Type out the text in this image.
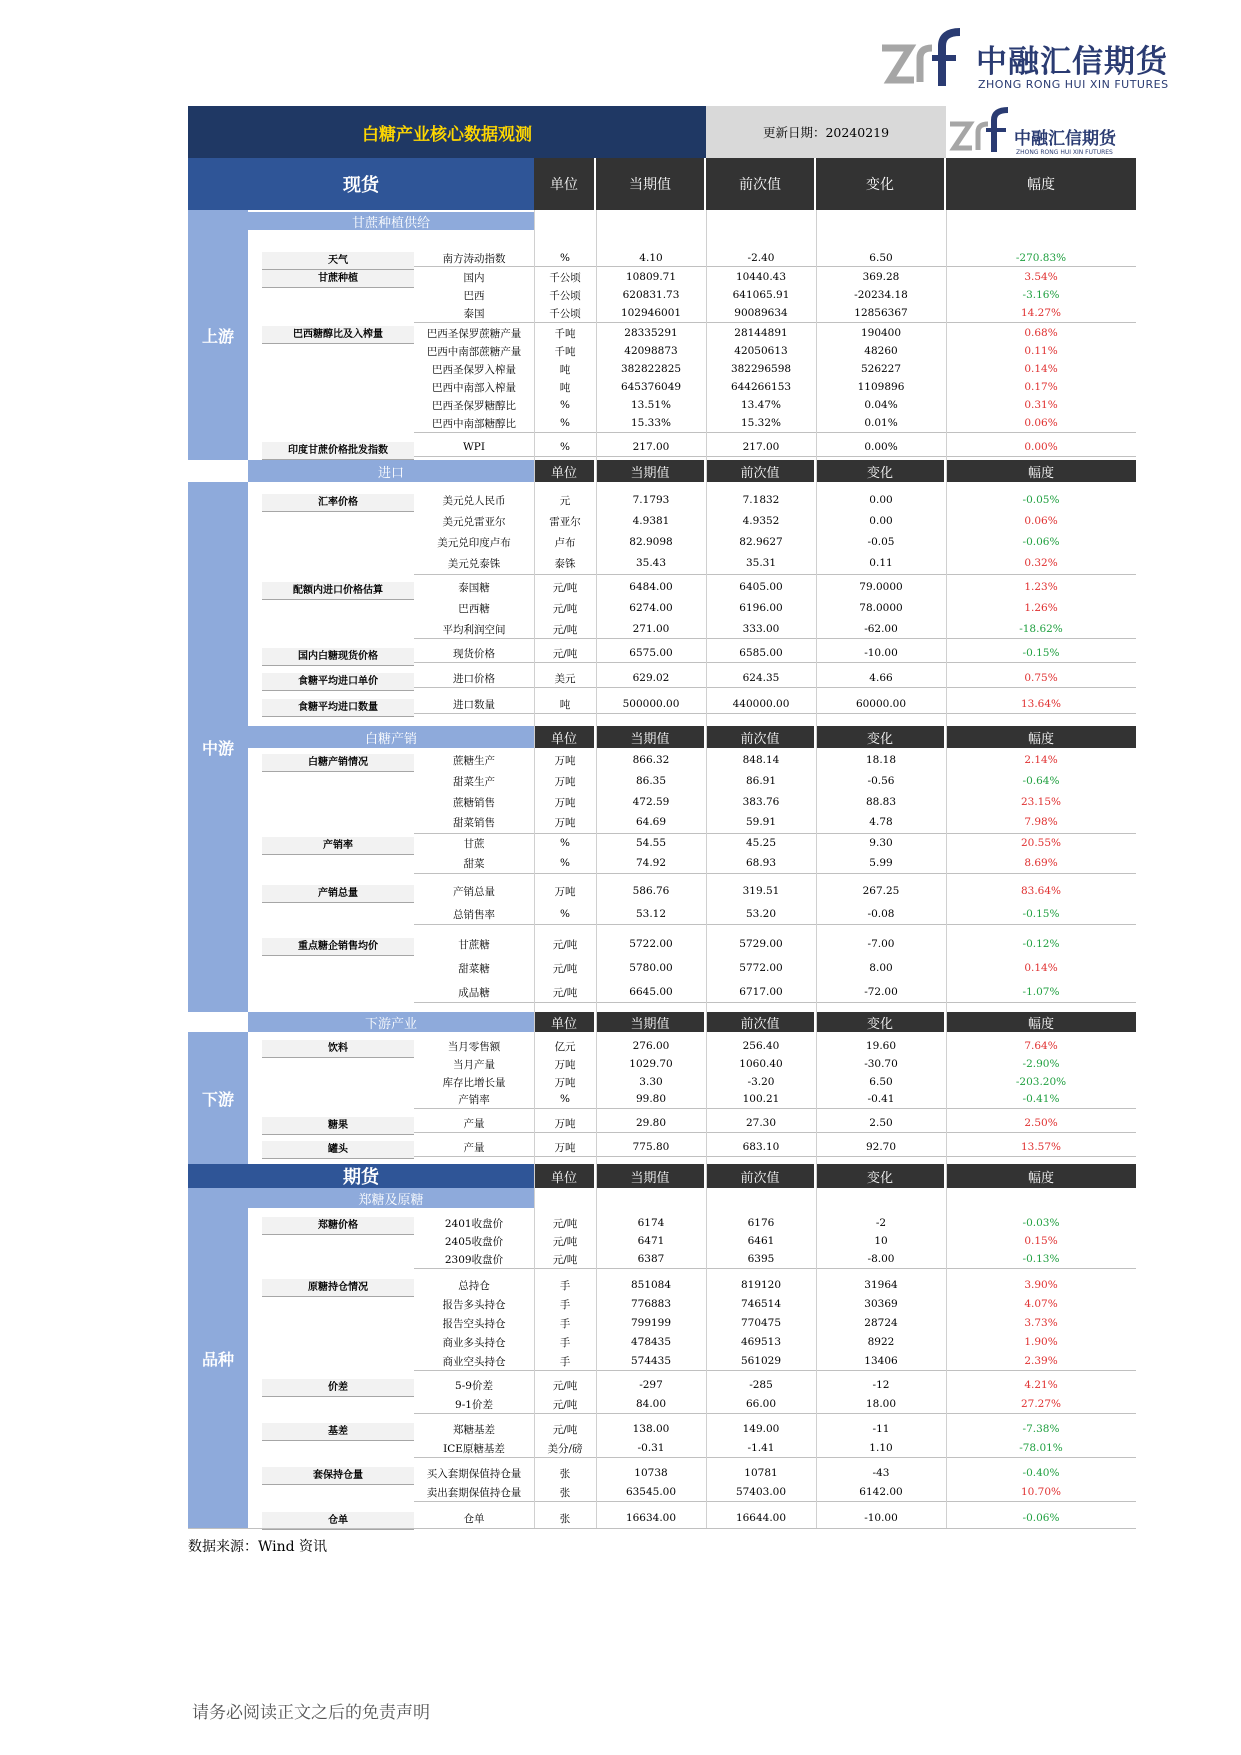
中融汇信期货
ZHONG RONG HUI XIN FUTURES
白糖产业核心数据观测	更新日期：20240219	中融汇信期货
ZHONG RONG HUI XIN FUTURES
现货	单位	当期值	前次值	变化	幅度
甘蔗种植供给
进口	单位	当期值	前次值	变化	幅度
白糖产销	单位	当期值	前次值	变化	幅度
下游产业	单位	当期值	前次值	变化	幅度
期货	单位	当期值	前次值	变化	幅度
郑糖及原糖
上游
中游
下游
品种
天气	南方涛动指数	%	4.10	-2.40	6.50	-270.83%
甘蔗种植	国内	千公顷	10809.71	10440.43	369.28	3.54%
巴西	千公顷	620831.73	641065.91	-20234.18	-3.16%
泰国	千公顷	102946001	90089634	12856367	14.27%
巴西糖醇比及入榨量	巴西圣保罗蔗糖产量	千吨	28335291	28144891	190400	0.68%
巴西中南部蔗糖产量	千吨	42098873	42050613	48260	0.11%
巴西圣保罗入榨量	吨	382822825	382296598	526227	0.14%
巴西中南部入榨量	吨	645376049	644266153	1109896	0.17%
巴西圣保罗糖醇比	%	13.51%	13.47%	0.04%	0.31%
巴西中南部糖醇比	%	15.33%	15.32%	0.01%	0.06%
印度甘蔗价格批发指数	WPI	%	217.00	217.00	0.00%	0.00%
汇率价格	美元兑人民币	元	7.1793	7.1832	0.00	-0.05%
美元兑雷亚尔	雷亚尔	4.9381	4.9352	0.00	0.06%
美元兑印度卢布	卢布	82.9098	82.9627	-0.05	-0.06%
美元兑泰铢	泰铢	35.43	35.31	0.11	0.32%
配额内进口价格估算	泰国糖	元/吨	6484.00	6405.00	79.0000	1.23%
巴西糖	元/吨	6274.00	6196.00	78.0000	1.26%
平均利润空间	元/吨	271.00	333.00	-62.00	-18.62%
国内白糖现货价格	现货价格	元/吨	6575.00	6585.00	-10.00	-0.15%
食糖平均进口单价	进口价格	美元	629.02	624.35	4.66	0.75%
食糖平均进口数量	进口数量	吨	500000.00	440000.00	60000.00	13.64%
白糖产销情况	蔗糖生产	万吨	866.32	848.14	18.18	2.14%
甜菜生产	万吨	86.35	86.91	-0.56	-0.64%
蔗糖销售	万吨	472.59	383.76	88.83	23.15%
甜菜销售	万吨	64.69	59.91	4.78	7.98%
产销率	甘蔗	%	54.55	45.25	9.30	20.55%
甜菜	%	74.92	68.93	5.99	8.69%
产销总量	产销总量	万吨	586.76	319.51	267.25	83.64%
总销售率	%	53.12	53.20	-0.08	-0.15%
重点糖企销售均价	甘蔗糖	元/吨	5722.00	5729.00	-7.00	-0.12%
甜菜糖	元/吨	5780.00	5772.00	8.00	0.14%
成品糖	元/吨	6645.00	6717.00	-72.00	-1.07%
饮料	当月零售额	亿元	276.00	256.40	19.60	7.64%
当月产量	万吨	1029.70	1060.40	-30.70	-2.90%
库存比增长量	万吨	3.30	-3.20	6.50	-203.20%
产销率	%	99.80	100.21	-0.41	-0.41%
糖果	产量	万吨	29.80	27.30	2.50	2.50%
罐头	产量	万吨	775.80	683.10	92.70	13.57%
郑糖价格	2401收盘价	元/吨	6174	6176	-2	-0.03%
2405收盘价	元/吨	6471	6461	10	0.15%
2309收盘价	元/吨	6387	6395	-8.00	-0.13%
原糖持仓情况	总持仓	手	851084	819120	31964	3.90%
报告多头持仓	手	776883	746514	30369	4.07%
报告空头持仓	手	799199	770475	28724	3.73%
商业多头持仓	手	478435	469513	8922	1.90%
商业空头持仓	手	574435	561029	13406	2.39%
价差	5-9价差	元/吨	-297	-285	-12	4.21%
9-1价差	元/吨	84.00	66.00	18.00	27.27%
基差	郑糖基差	元/吨	138.00	149.00	-11	-7.38%
ICE原糖基差	美分/磅	-0.31	-1.41	1.10	-78.01%
套保持仓量	买入套期保值持仓量	张	10738	10781	-43	-0.40%
卖出套期保值持仓量	张	63545.00	57403.00	6142.00	10.70%
仓单	仓单	张	16634.00	16644.00	-10.00	-0.06%
数据来源：Wind 资讯
请务必阅读正文之后的免责声明
